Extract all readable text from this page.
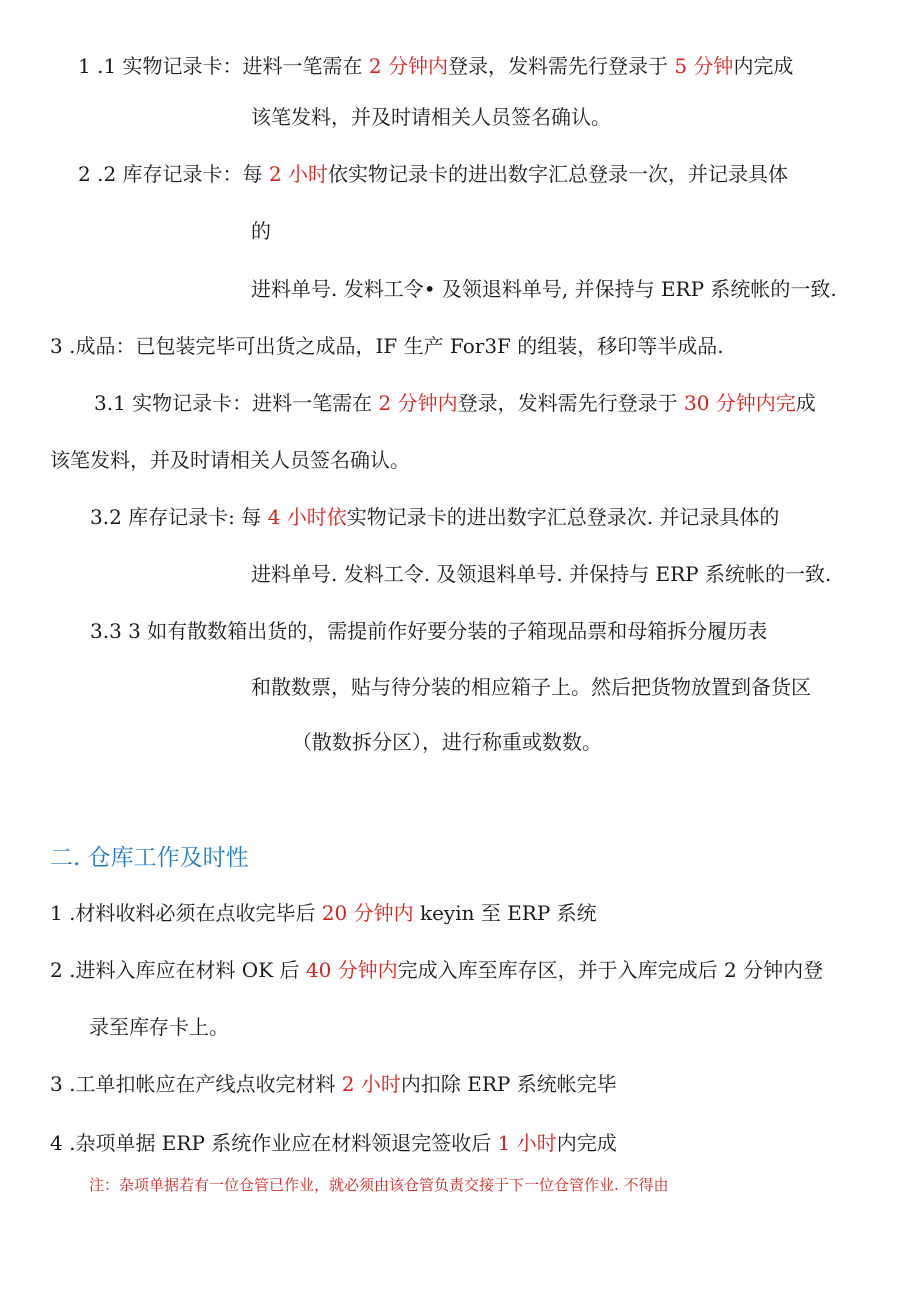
1 .1 实物记录卡：进料一笔需在 2 分钟内登录，发料需先行登录于 5 分钟内完成
该笔发料，并及时请相关人员签名确认。
2 .2 库存记录卡：每 2 小时依实物记录卡的进出数字汇总登录一次，并记录具体
的
进料单号. 发料工令• 及领退料单号, 并保持与 ERP 系统帐的一致.
3 .成品：已包装完毕可出货之成品，IF 生产 For3F 的组装，移印等半成品.
3.1 实物记录卡：进料一笔需在 2 分钟内登录，发料需先行登录于 30 分钟内完成
该笔发料，并及时请相关人员签名确认。
3.2 库存记录卡: 每 4 小时依实物记录卡的进出数字汇总登录次. 并记录具体的
进料单号. 发料工令. 及领退料单号. 并保持与 ERP 系统帐的一致.
3.3 3 如有散数箱出货的，需提前作好要分装的子箱现品票和母箱拆分履历表
和散数票，贴与待分装的相应箱子上。然后把货物放置到备货区
（散数拆分区），进行称重或数数。
二. 仓库工作及时性
1 .材料收料必须在点收完毕后 20 分钟内 keyin 至 ERP 系统
2 .进料入库应在材料 OK 后 40 分钟内完成入库至库存区，并于入库完成后 2 分钟内登
录至库存卡上。
3 .工单扣帐应在产线点收完材料 2 小时内扣除 ERP 系统帐完毕
4 .杂项单据 ERP 系统作业应在材料领退完签收后 1 小时内完成
注：杂项单据若有一位仓管已作业，就必须由该仓管负责交接于下一位仓管作业. 不得由
